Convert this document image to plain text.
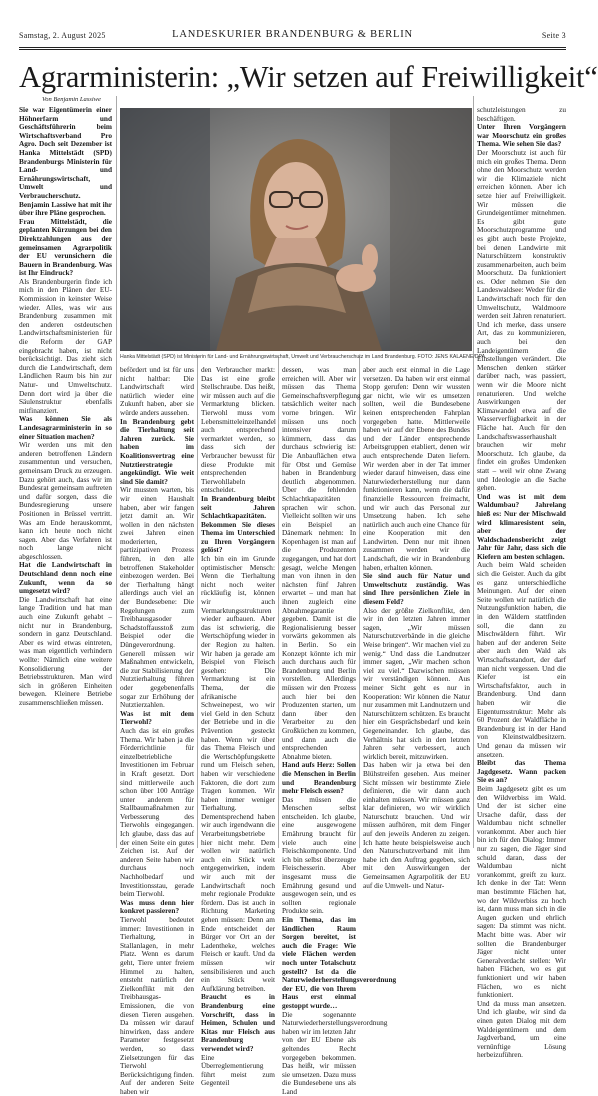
Samstag, 2. August 2025	LANDESKURIER BRANDENBURG & BERLIN	Seite 3
Agrarministerin: „Wir setzen auf Freiwilligkeit“
Von Benjamin Lassiwe
Hanka Mittelstädt (SPD) ist Ministerin für Land- und Ernährungswirtschaft, Umwelt und Verbraucherschutz im Land Brandenburg. FOTO: JENS KALAENE/DPA

Sie war Eigentümerin einer Höhnerfarm und Geschäftsführerin beim Wirtschaftsverband Pro Agro. Doch seit Dezember ist Hanka Mittelstädt (SPD) Brandenburgs Ministerin für Land- und Ernährungswirtschaft, Umwelt und Verbraucherschutz. Benjamin Lassiwe hat mit ihr über ihre Pläne gesprochen.

Frau Mittelstädt, die geplanten Kürzungen bei den Direktzahlungen aus der gemeinsamen Agrarpolitik der EU verunsichern die Bauern in Brandenburg. Was ist Ihr Eindruck?

Als Brandenburgerin finde ich mich in den Plänen der EU-Kommission in keinster Weise wieder. Alles, was wir aus Brandenburg zusammen mit den anderen ostdeutschen Landwirtschaftsministerien für die Reform der GAP eingebracht haben, ist nicht berücksichtigt. Das zieht sich durch die Landwirtschaft, dem Ländlichen Raum bis hin zur Natur- und Umweltschutz. Denn dort wird ja über die Säulenstruktur ebenfalls mitfinanziert.

Was können Sie als Landesagrarministerin in so einer Situation machen?

Wir werden uns mit den anderen betroffenen Ländern zusammentun und versuchen, gemeinsam Druck zu erzeugen. Dazu gehört auch, dass wir im Bundesrat gemeinsam auftreten und dafür sorgen, dass die Bundesregierung unsere Positionen in Brüssel vertritt. Was am Ende herauskommt, kann ich heute noch nicht sagen. Aber das Verfahren ist noch lange nicht abgeschlossen.

Hat die Landwirtschaft in Deutschland denn noch eine Zukunft, wenn da so umgesetzt wird?

Die Landwirtschaft hat eine lange Tradition und hat man auch eine Zukunft gehabt – nicht nur in Brandenburg, sondern in ganz Deutschland. Aber es wird etwas eintreten, was man eigentlich verhindern wollte: Nämlich eine weitere Konsolidierung der Betriebsstrukturen. Man wird sich in größeren Einheiten bewegen. Kleinere Betriebe zusammenschließen müssen.

befördert und ist für uns nicht haltbar: Die Landwirtschaft wird natürlich wieder eine Zukunft haben, aber sie würde anders aussehen.

In Brandenburg gebt die Tierhaltung seit Jahren zurück. Sie haben im Koalitionsvertrag eine Nutztierstrategie angekündigt. Wie weit sind Sie damit?

Wir mussten warten, bis wir einen Haushalt haben, aber wir fangen jetzt damit an. Wir wollen in den nächsten zwei Jahren einen moderierten, partizipativen Prozess führen, in den alle betroffenen Stakeholder einbezogen werden. Bei der Tierhaltung hängt allerdings auch viel an der Bundesebene: Die Regelungen zum Treibhausgasoder Schadstoffausstoß zum Beispiel oder die Düngeverordnung. Generell müssen wir Maßnahmen entwickeln, die zur Stabilisierung der Nutztierhaltung führen oder gegebenenfalls sogar zur Erhöhung der Nutztierzahlen.

Was ist mit dem Tierwohl?

Auch das ist ein großes Thema. Wir haben ja die Förderrichtlinie für einzelbetriebliche Investitionen im Februar in Kraft gesetzt. Dort sind mittlerweile auch schon über 100 Anträge unter anderem für Stallbaumaßnahmen zur Verbesserung des Tierwohls eingegangen. Ich glaube, dass das auf der einen Seite ein gutes Zeichen ist. Auf der anderen Seite haben wir durchaus noch Nachholbedarf und Investitionsstau, gerade beim Tierwohl.

Was muss denn hier konkret passieren?

Tierwohl bedeutet immer: Investitionen in Tierhaltung, in Stallanlagen, in mehr Platz. Wenn es darum geht, Tiere unter freiem Himmel zu halten, entsteht natürlich der Zielkonflikt mit den Treibhausgas-Emissionen, die von diesen Tieren ausgehen. Da müssen wir darauf hinwirken, dass andere Parameter festgesetzt werden, so dass Zielsetzungen für das Tierwohl Berücksichtigung finden. Auf der anderen Seite haben wir

den Verbraucher markt: Das ist eine große Stellschraube. Das heißt, wir müssen auch auf die Vermarktung blicken. Tierwohl muss vom Lebensmitteleinzelhandel auch entsprechend vermarktet werden, so dass sich der Verbraucher bewusst für diese Produkte mit entsprechenden Tierwohllabeln entscheidet.

In Brandenburg bleibt seit Jahren Schlachtkapazitäten. Bekommen Sie dieses Thema im Unterschied zu Ihren Vorgängern gelöst?

Ich bin ein im Grunde optimistischer Mensch: Wenn die Tierhaltung nicht noch weiter rückläufig ist, können wir auch Vermarktungsstrukturen wieder aufbauen. Aber das ist schwierig, die Wertschöpfung wieder in der Region zu halten. Wir haben ja gerade am Beispiel von Fleisch gesehen: Die Vermarktung ist ein Thema, der die afrikanische Schweinepest, wo wir viel Geld in den Schutz der Betriebe und in die Prävention gesteckt haben. Wenn wir über das Thema Fleisch und die Wertschöpfungskette rund um Fleisch sehen, haben wir verschiedene Faktoren, die dort zum Tragen kommen. Wir haben immer weniger Tierhaltung.

Dementsprechend haben wir auch irgendwann die Verarbeitungsbetriebe hier nicht mehr. Dem wollen wir natürlich auch ein Stück weit entgegenwirken, indem wir auch mit der Landwirtschaft noch mehr regionale Produkte fördern. Das ist auch in Richtung Marketing gehen müssen: Denn am Ende entscheidet der Bürger vor Ort an der Ladentheke, welches Fleisch er kauft. Und da müssen wir sensibilisieren und auch ein Stück weit Aufklärung betreiben.

Braucht es in Brandenburg eine Vorschrift, dass in Heimen, Schulen und Kitas nur Fleisch aus Brandenburg verwendet wird?

Eine Überreglementierung führt meist zum Gegenteil

dessen, was man erreichen will. Aber wir müssen das Thema Gemeinschaftsverpflegung tatsächlich weiter nach vorne bringen. Wir müssen uns noch intensiver darum kümmern, dass das durchaus schwierig ist: Die Anbauflächen etwa für Obst und Gemüse haben in Brandenburg deutlich abgenommen. Über die fehlenden Schlachtkapazitäten sprachen wir schon. Vielleicht sollten wir uns ein Beispiel an Dänemark nehmen: In Kopenhagen ist man auf die Produzenten zugegangen, und hat dort gesagt, welche Mengen man von ihnen in den nächsten fünf Jahren erwartet – und man hat ihnen zugleich eine Abnahmegarantie gegeben. Damit ist die Regionalisierung besser vorwärts gekommen als in Berlin. So ein Konzept könnte ich mir auch durchaus auch für Brandenburg und Berlin vorstellen. Allerdings müssen wir den Prozess auch hier bei den Produzenten starten, um dann über den Verarbeiter zu den Großküchen zu kommen, und dann auch die entsprechenden Abnahme bieten.

Hand aufs Herz: Sollen die Menschen in Berlin und Brandenburg mehr Fleisch essen?

Das müssen die Menschen selbst entscheiden. Ich glaube, eine ausgewogene Ernährung braucht für viele auch eine Fleischkomponente. Und ich bin selbst überzeugte Fleischesserin. Aber insgesamt muss die Ernährung gesund und ausgewogen sein, und es sollten regionale Produkte sein.

Ein Thema, das im ländlichen Raum Sorgen bereitet, ist auch die Frage: Wie viele Flächen werden noch unter Totalschutz gestellt? Ist da die Naturwiederherstellungsverordnung der EU, die von Ihrem Haus erst einmal gestoppt wurde…

Die sogenannte Naturwiederherstellungsverordnung haben wir im letzten Jahr von der EU Ebene als geltendes Recht vorgegeben bekommen. Das heißt, wir müssen sie umsetzen. Dazu muss die Bundesebene uns als Land

aber auch erst einmal in die Lage versetzen. Da haben wir erst einmal Stopp gerufen: Denn wir wussten gar nicht, wie wir es umsetzen sollten, weil die Bundesebene keinen entsprechenden Fahrplan vorgegeben hatte. Mittlerweile haben wir auf der Ebene des Bundes und der Länder entsprechende Arbeitsgruppen etabliert, denen wir auch entsprechende Daten liefern. Wir werden aber in der Tat immer wieder darauf hinweisen, dass eine Naturwiederherstellung nur dann funktionieren kann, wenn die dafür finanzielle Ressourcen freimacht, und wir auch das Personal zur Umsetzung haben. Ich sehe natürlich auch auch eine Chance für eine Kooperation mit den Landwirten. Denn nur mit ihnen zusammen werden wir die Landschaft, die wir in Brandenburg haben, erhalten können.

Sie sind auch für Natur und Umweltschutz zuständig. Was sind Ihre persönlichen Ziele in diesem Feld?

Also der größte Zielkonflikt, den wir in den letzten Jahren immer sagen, „Wir müssen Naturschutzverbände in die gleiche Weise bringen“. Wir machen viel zu wenig.“ Und dass die Landnutzer immer sagen, „Wir machen schon viel zu viel.“ Dazwischen müssen wir verständigen können. Aus meiner Sicht geht es nur in Kooperation: Wir können die Natur nur zusammen mit Landnutzern und Naturschützern schützen. Es braucht hier ein Gesprächsbedarf und kein Gegeneinander. Ich glaube, das Verhältnis hat sich in den letzten Jahren sehr verbessert, auch wirklich bereit, mitzuwirken.

Das haben wir ja etwa bei den Blühstreifen gesehen. Aus meiner Sicht müssen wir bestimmte Ziele definieren, die wir dann auch einhalten müssen. Wir müssen ganz klar definieren, wo wir wirklich Naturschutz brauchen. Und wir müssen aufhören, mit dem Finger auf den jeweils Anderen zu zeigen. Ich hatte heute beispielsweise auch den Naturschutzverband mit ihm habe ich den Auftrag gegeben, sich mit den Auswirkungen der Gemeinsamen Agrarpolitik der EU auf die Umwelt- und Natur-

schutzleistungen zu beschäftigen.

Unter Ihren Vorgängern war Moorschutz ein großes Thema. Wie sehen Sie das?

Der Moorschutz ist auch für mich ein großes Thema. Denn ohne den Moorschutz werden wir die Klimaziele nicht erreichen können. Aber ich setze hier auf Freiwilligkeit. Wir müssen die Grundeigentümer mitnehmen. Es gibt gute Moorschutzprogramme und es gibt auch beste Projekte, bei denen Landwirte mit Naturschützern konstruktiv zusammenarbeiten, auch beim Moorschutz. Da funktioniert es. Oder nehmen Sie den Landeswaldsee: Weder für die Landwirtschaft noch für den Umweltschutz, Waldmoore werden seit Jahren renaturiert. Und ich merke, dass unsere Art, das zu kommunizieren, auch bei den Landeigentümern die Einstellungen verändert. Die Menschen denken stärker darüber nach, was passiert, wenn wir die Moore nicht renaturieren. Und welche Auswirkungen der Klimawandel etwa auf die Wasserverfügbarkeit in der Fläche hat. Auch für den Landschaftswasserhaushalt brauchen wir mehr Moorschutz. Ich glaube, da findet ein großes Umdenken statt – weil wir ohne Zwang und Ideologie an die Sache gehen.

Und was ist mit dem Waldumbau? Jahrelang hieß es: Nur der Mischwald wird klimaresistent sein, aber der Waldschadensbericht zeigt Jahr für Jahr, dass sich die Kiefern am besten schlagen.

Auch beim Wald scheiden sich die Geister. Auch da gibt es ganz unterschiedliche Meinungen. Auf der einen Seite wollen wir natürlich die Nutzungsfunktion haben, die in den Wäldern stattfinden soll, die dann zu Mischwäldern führt. Wir haben auf der anderen Seite aber auch den Wald als Wirtschaftsstandort, der darf man nicht vergessen. Und die Kiefer ist ein Wirtschaftsfaktor, auch in Brandenburg. Und dann haben wir die Eigentumsstruktur: Mehr als 60 Prozent der Waldfläche in Brandenburg ist in der Hand von Kleinstwaldbesitzern. Und genau da müssen wir ansetzen.

Bleibt das Thema Jagdgesetz. Wann packen Sie es an?

Beim Jagdgesetz gibt es um den Wildverbiss im Wald. Und der ist sicher eine Ursache dafür, dass der Waldumbau nicht schneller vorankommt. Aber auch hier bin ich für den Dialog: Immer nur zu sagen, die Jäger sind schuld daran, dass der Waldumbau nicht vorankommt, greift zu kurz. Ich denke in der Tat: Wenn man bestimmte Flächen hat, wo der Wildverbiss zu hoch ist, dann muss man sich in die Augen gucken und ehrlich sagen: Da stimmt was nicht. Macht bitte was. Aber wir sollten die Brandenburger Jäger nicht unter Generalverdacht stellen: Wir haben Flächen, wo es gut funktioniert und wir haben Flächen, wo es nicht funktioniert.

Und da muss man ansetzen. Und ich glaube, wir sind da einen guten Dialog mit dem Waldeigentümern und dem Jagdverband, um eine vernünftige Lösung herbeizuführen.
